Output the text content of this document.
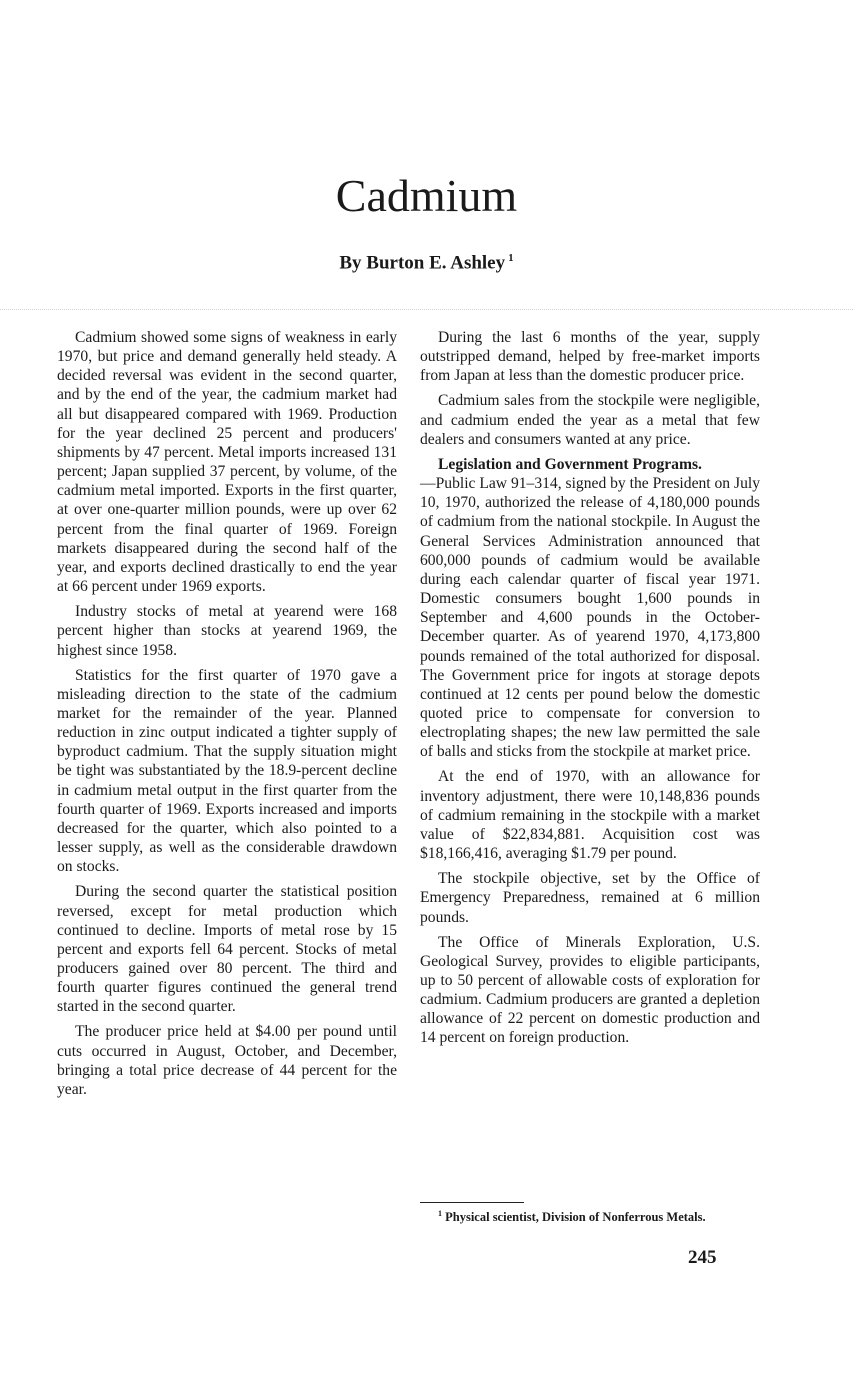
Cadmium
By Burton E. Ashley $^1$

Cadmium showed some signs of weakness in early 1970, but price and demand generally held steady. A decided reversal was evident in the second quarter, and by the end of the year, the cadmium market had all but disappeared compared with 1969. Production for the year declined 25 percent and producers' shipments by 47 percent. Metal imports increased 131 percent; Japan supplied 37 percent, by volume, of the cadmium metal imported. Exports in the first quarter, at over one-quarter million pounds, were up over 62 percent from the final quarter of 1969. Foreign markets disappeared during the second half of the year, and exports declined drastically to end the year at 66 percent under 1969 exports.

Industry stocks of metal at yearend were 168 percent higher than stocks at yearend 1969, the highest since 1958.

Statistics for the first quarter of 1970 gave a misleading direction to the state of the cadmium market for the remainder of the year. Planned reduction in zinc output indicated a tighter supply of byproduct cadmium. That the supply situation might be tight was substantiated by the 18.9-percent decline in cadmium metal output in the first quarter from the fourth quarter of 1969. Exports increased and imports decreased for the quarter, which also pointed to a lesser supply, as well as the considerable drawdown on stocks.

During the second quarter the statistical position reversed, except for metal production which continued to decline. Imports of metal rose by 15 percent and exports fell 64 percent. Stocks of metal producers gained over 80 percent. The third and fourth quarter figures continued the general trend started in the second quarter.

The producer price held at $4.00 per pound until cuts occurred in August, October, and December, bringing a total price decrease of 44 percent for the year.

During the last 6 months of the year, supply outstripped demand, helped by free-market imports from Japan at less than the domestic producer price.

Cadmium sales from the stockpile were negligible, and cadmium ended the year as a metal that few dealers and consumers wanted at any price.

Legislation and Government Programs.
—Public Law 91–314, signed by the President on July 10, 1970, authorized the release of 4,180,000 pounds of cadmium from the national stockpile. In August the General Services Administration announced that 600,000 pounds of cadmium would be available during each calendar quarter of fiscal year 1971. Domestic consumers bought 1,600 pounds in September and 4,600 pounds in the October-December quarter. As of yearend 1970, 4,173,800 pounds remained of the total authorized for disposal. The Government price for ingots at storage depots continued at 12 cents per pound below the domestic quoted price to compensate for conversion to electroplating shapes; the new law permitted the sale of balls and sticks from the stockpile at market price.

At the end of 1970, with an allowance for inventory adjustment, there were 10,148,836 pounds of cadmium remaining in the stockpile with a market value of $22,834,881. Acquisition cost was $18,166,416, averaging $1.79 per pound.

The stockpile objective, set by the Office of Emergency Preparedness, remained at 6 million pounds.

The Office of Minerals Exploration, U.S. Geological Survey, provides to eligible participants, up to 50 percent of allowable costs of exploration for cadmium. Cadmium producers are granted a depletion allowance of 22 percent on domestic production and 14 percent on foreign production.

$^1$ Physical scientist, Division of Nonferrous Metals.
245
